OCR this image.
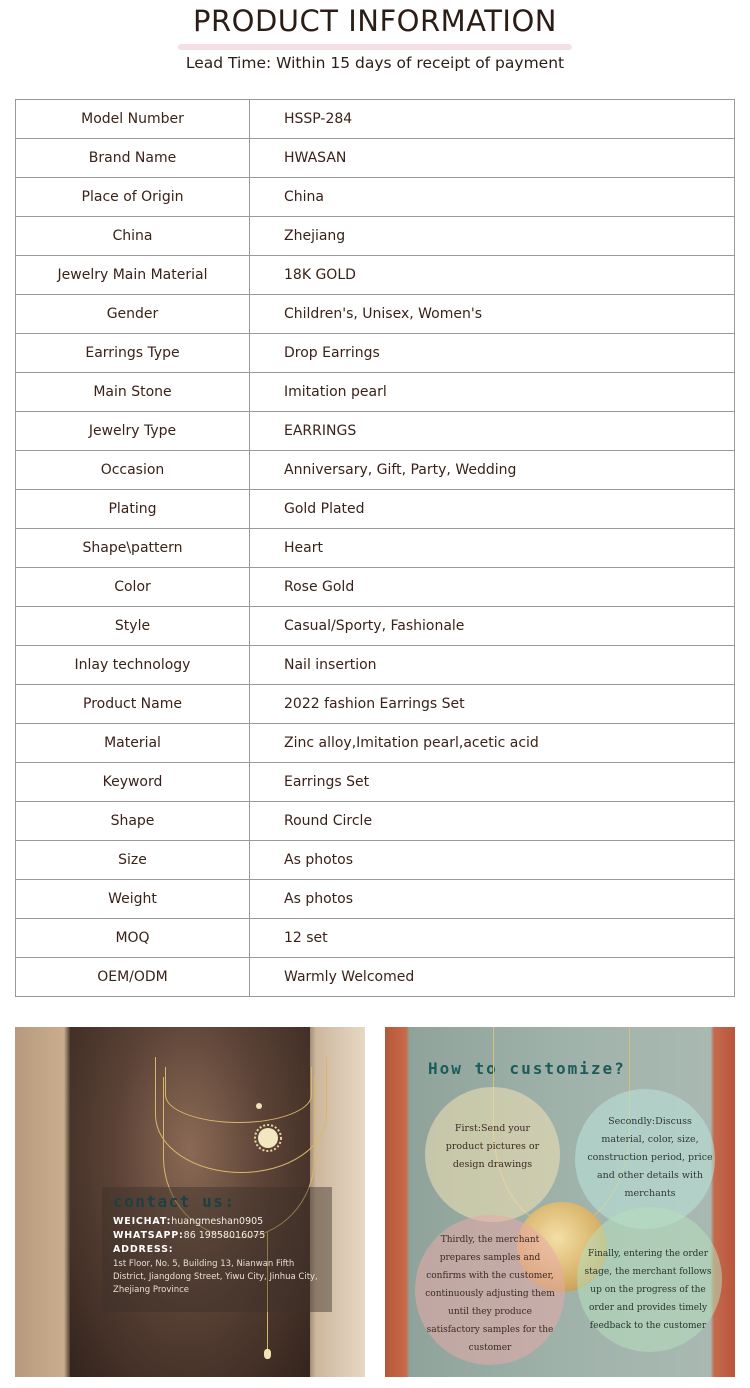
PRODUCT INFORMATION
Lead Time: Within 15 days of receipt of payment
Model Number	HSSP-284
Brand Name	HWASAN
Place of Origin	China
China	Zhejiang
Jewelry Main Material	18K GOLD
Gender	Children's, Unisex, Women's
Earrings Type	Drop Earrings
Main Stone	Imitation pearl
Jewelry Type	EARRINGS
Occasion	Anniversary, Gift, Party, Wedding
Plating	Gold Plated
Shape\pattern	Heart
Color	Rose Gold
Style	Casual/Sporty, Fashionale
Inlay technology	Nail insertion
Product Name	2022 fashion Earrings Set
Material	Zinc alloy,Imitation pearl,acetic acid
Keyword	Earrings Set
Shape	Round Circle
Size	As photos
Weight	As photos
MOQ	12 set
OEM/ODM	Warmly Welcomed
contact us:
WEICHAT:huangmeshan0905
WHATSAPP:86 19858016075
ADDRESS:
1st Floor, No. 5, Building 13, Nianwan Fifth District, Jiangdong Street, Yiwu City, Jinhua City, Zhejiang Province
How to customize?
First:Send your product pictures or design drawings
Secondly:Discuss material, color, size, construction period, price and other details with merchants
Thirdly, the merchant prepares samples and confirms with the customer, continuously adjusting them until they produce satisfactory samples for the customer
Finally, entering the order stage, the merchant follows up on the progress of the order and provides timely feedback to the customer
